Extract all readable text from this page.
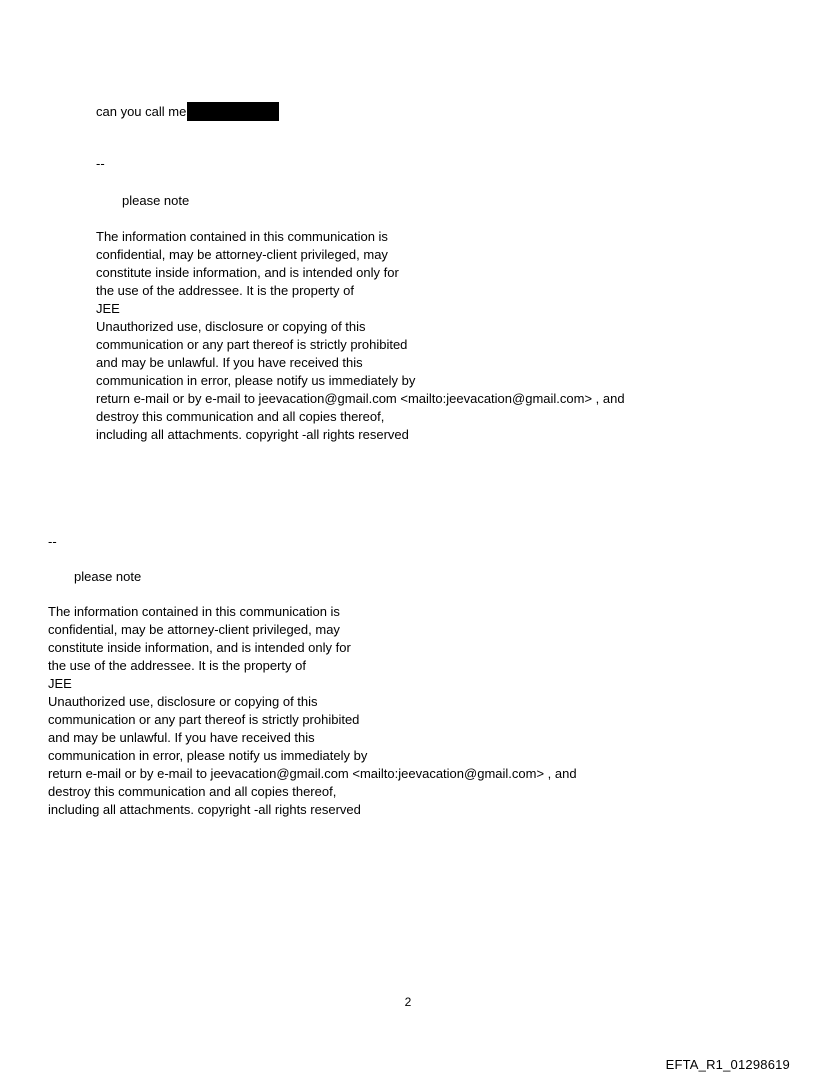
can you call me
--
please note
The information contained in this communication is
confidential, may be attorney-client privileged, may
constitute inside information, and is intended only for
the use of the addressee. It is the property of
JEE
Unauthorized use, disclosure or copying of this
communication or any part thereof is strictly prohibited
and may be unlawful. If you have received this
communication in error, please notify us immediately by
return e-mail or by e-mail to jeevacation@gmail.com <mailto:jeevacation@gmail.com> , and
destroy this communication and all copies thereof,
including all attachments. copyright -all rights reserved
--
please note
The information contained in this communication is
confidential, may be attorney-client privileged, may
constitute inside information, and is intended only for
the use of the addressee. It is the property of
JEE
Unauthorized use, disclosure or copying of this
communication or any part thereof is strictly prohibited
and may be unlawful. If you have received this
communication in error, please notify us immediately by
return e-mail or by e-mail to jeevacation@gmail.com <mailto:jeevacation@gmail.com> , and
destroy this communication and all copies thereof,
including all attachments. copyright -all rights reserved
2
EFTA_R1_01298619
